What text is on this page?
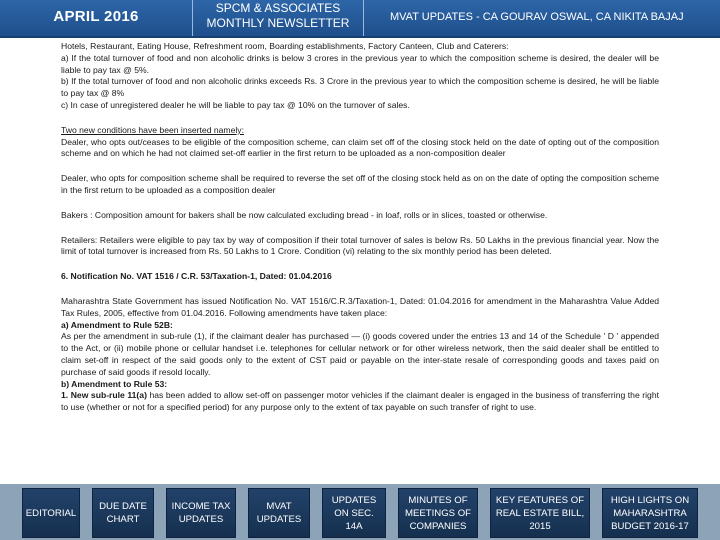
APRIL 2016	SPCM & ASSOCIATES
MONTHLY NEWSLETTER	MVAT UPDATES - CA GOURAV OSWAL, CA NIKITA BAJAJ

Hotels, Restaurant, Eating House, Refreshment room, Boarding establishments, Factory Canteen, Club and Caterers:

a) If the total turnover of food and non alcoholic drinks is below 3 crores in the previous year to which the composition scheme is desired, the dealer will be liable to pay tax @ 5%.

b) If the total turnover of food and non alcoholic drinks exceeds Rs. 3 Crore in the previous year to which the composition scheme is desired, he will be liable to pay tax @ 8%

c) In case of unregistered dealer he will be liable to pay tax @ 10% on the turnover of sales.

Two new conditions have been inserted namely:

Dealer, who opts out/ceases to be eligible of the composition scheme, can claim set off of the closing stock held on the date of opting out of the composition scheme and on which he had not claimed set-off earlier in the first return to be uploaded as a non-composition dealer

Dealer, who opts for composition scheme shall be required to reverse the set off of the closing stock held as on on the date of opting the composition scheme in the first return to be uploaded as a composition dealer

Bakers : Composition amount for bakers shall be now calculated excluding bread - in loaf, rolls or in slices, toasted or otherwise.

Retailers: Retailers were eligible to pay tax by way of composition if their total turnover of sales is below Rs. 50 Lakhs in the previous financial year. Now the limit of total turnover is increased from Rs. 50 Lakhs to 1 Crore. Condition (vi) relating to the six monthly period has been deleted.

6. Notification No. VAT 1516 / C.R. 53/Taxation-1, Dated: 01.04.2016

Maharashtra State Government has issued Notification No. VAT 1516/C.R.3/Taxation-1, Dated: 01.04.2016 for amendment in the Maharashtra Value Added Tax Rules, 2005, effective from 01.04.2016. Following amendments have taken place:

a) Amendment to Rule 52B:

As per the amendment in sub-rule (1), if the claimant dealer has purchased — (i) goods covered under the entries 13 and 14 of the Schedule ' D ' appended to the Act, or (ii) mobile phone or cellular handset i.e. telephones for cellular network or for other wireless network, then the said dealer shall be entitled to claim set-off in respect of the said goods only to the extent of CST paid or payable on the inter-state resale of corresponding goods and taxes paid on purchase of said goods if resold locally.

b) Amendment to Rule 53:

1. New sub-rule 11(a) has been added to allow set-off on passenger motor vehicles if the claimant dealer is engaged in the business of transferring the right to use (whether or not for a specified period) for any purpose only to the extent of tax payable on such transfer of right to use.

EDITORIAL
DUE DATE CHART
INCOME TAX UPDATES
MVAT UPDATES
UPDATES ON SEC. 14A
MINUTES OF MEETINGS OF COMPANIES
KEY FEATURES OF REAL ESTATE BILL, 2015
HIGH LIGHTS ON MAHARASHTRA BUDGET 2016-17
